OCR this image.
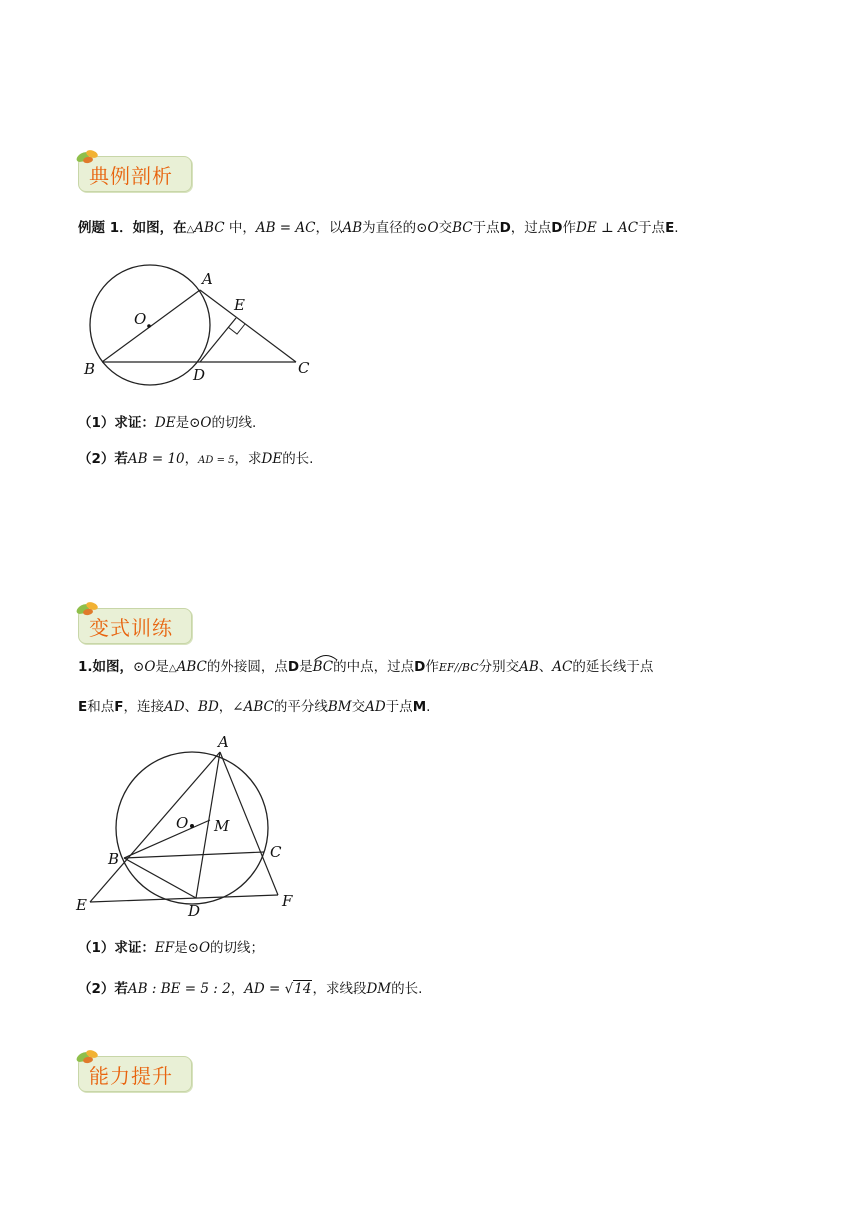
典例剖析
例题 1．如图，在△ABC 中，AB = AC，以AB为直径的⊙O交BC于点D，过点D作DE ⊥ AC于点E.
A
E
O
B	D	C
（1）求证：DE是⊙O的切线.
（2）若AB = 10，AD = 5，求DE的长.
变式训练
1.如图，⊙O是△ABC的外接圆，点D是
BC的中点，过点D作EF//BC分别交AB、AC的延长线于点
E和点F，连接AD、BD，∠ABC的平分线BM交AD于点M.
A
O M
B	C
E	D
F
（1）求证：EF是⊙O的切线；
（2）若AB : BE = 5 : 2，AD = √14，求线段DM的长.
能力提升
